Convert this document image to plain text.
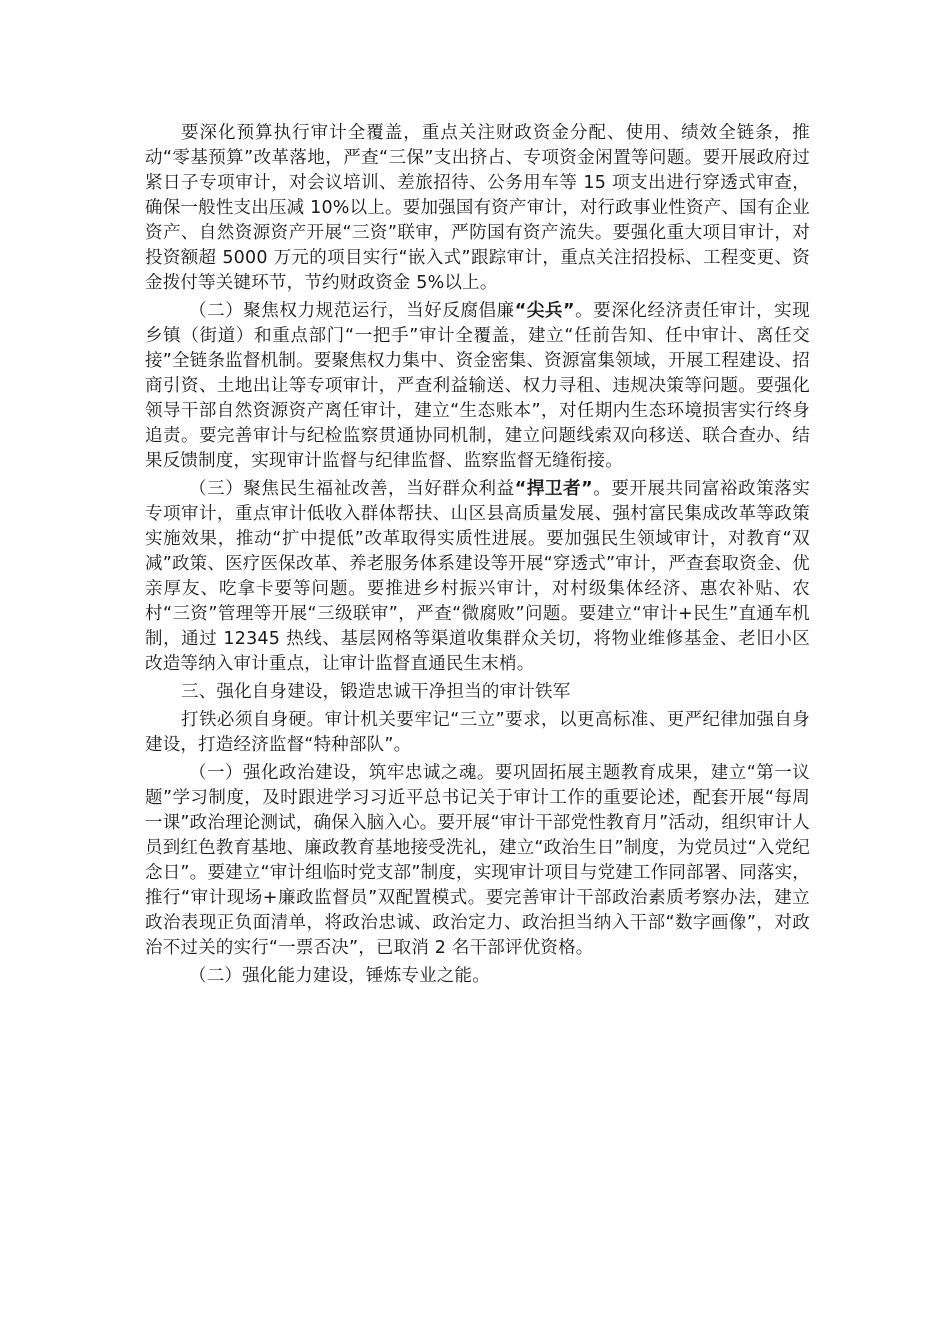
要深化预算执行审计全覆盖，重点关注财政资金分配、使用、绩效全链条，推动“零基预算”改革落地，严查“三保”支出挤占、专项资金闲置等问题。要开展政府过紧日子专项审计，对会议培训、差旅招待、公务用车等 15 项支出进行穿透式审查，确保一般性支出压减 10%以上。要加强国有资产审计，对行政事业性资产、国有企业资产、自然资源资产开展“三资”联审，严防国有资产流失。要强化重大项目审计，对投资额超 5000 万元的项目实行“嵌入式”跟踪审计，重点关注招投标、工程变更、资金拨付等关键环节，节约财政资金 5%以上。

（二）聚焦权力规范运行，当好反腐倡廉“尖兵”。要深化经济责任审计，实现乡镇（街道）和重点部门“一把手”审计全覆盖，建立“任前告知、任中审计、离任交接”全链条监督机制。要聚焦权力集中、资金密集、资源富集领域，开展工程建设、招商引资、土地出让等专项审计，严查利益输送、权力寻租、违规决策等问题。要强化领导干部自然资源资产离任审计，建立“生态账本”，对任期内生态环境损害实行终身追责。要完善审计与纪检监察贯通协同机制，建立问题线索双向移送、联合查办、结果反馈制度，实现审计监督与纪律监督、监察监督无缝衔接。

（三）聚焦民生福祉改善，当好群众利益“捍卫者”。要开展共同富裕政策落实专项审计，重点审计低收入群体帮扶、山区县高质量发展、强村富民集成改革等政策实施效果，推动“扩中提低”改革取得实质性进展。要加强民生领域审计，对教育“双减”政策、医疗医保改革、养老服务体系建设等开展“穿透式”审计，严查套取资金、优亲厚友、吃拿卡要等问题。要推进乡村振兴审计，对村级集体经济、惠农补贴、农村“三资”管理等开展“三级联审”，严查“微腐败”问题。要建立“审计+民生”直通车机制，通过 12345 热线、基层网格等渠道收集群众关切，将物业维修基金、老旧小区改造等纳入审计重点，让审计监督直通民生末梢。

三、强化自身建设，锻造忠诚干净担当的审计铁军

打铁必须自身硬。审计机关要牢记“三立”要求，以更高标准、更严纪律加强自身建设，打造经济监督“特种部队”。

（一）强化政治建设，筑牢忠诚之魂。要巩固拓展主题教育成果，建立“第一议题”学习制度，及时跟进学习习近平总书记关于审计工作的重要论述，配套开展“每周一课”政治理论测试，确保入脑入心。要开展“审计干部党性教育月”活动，组织审计人员到红色教育基地、廉政教育基地接受洗礼，建立“政治生日”制度，为党员过“入党纪念日”。要建立“审计组临时党支部”制度，实现审计项目与党建工作同部署、同落实，推行“审计现场+廉政监督员”双配置模式。要完善审计干部政治素质考察办法，建立政治表现正负面清单，将政治忠诚、政治定力、政治担当纳入干部“数字画像”，对政治不过关的实行“一票否决”，已取消 2 名干部评优资格。

（二）强化能力建设，锤炼专业之能。
